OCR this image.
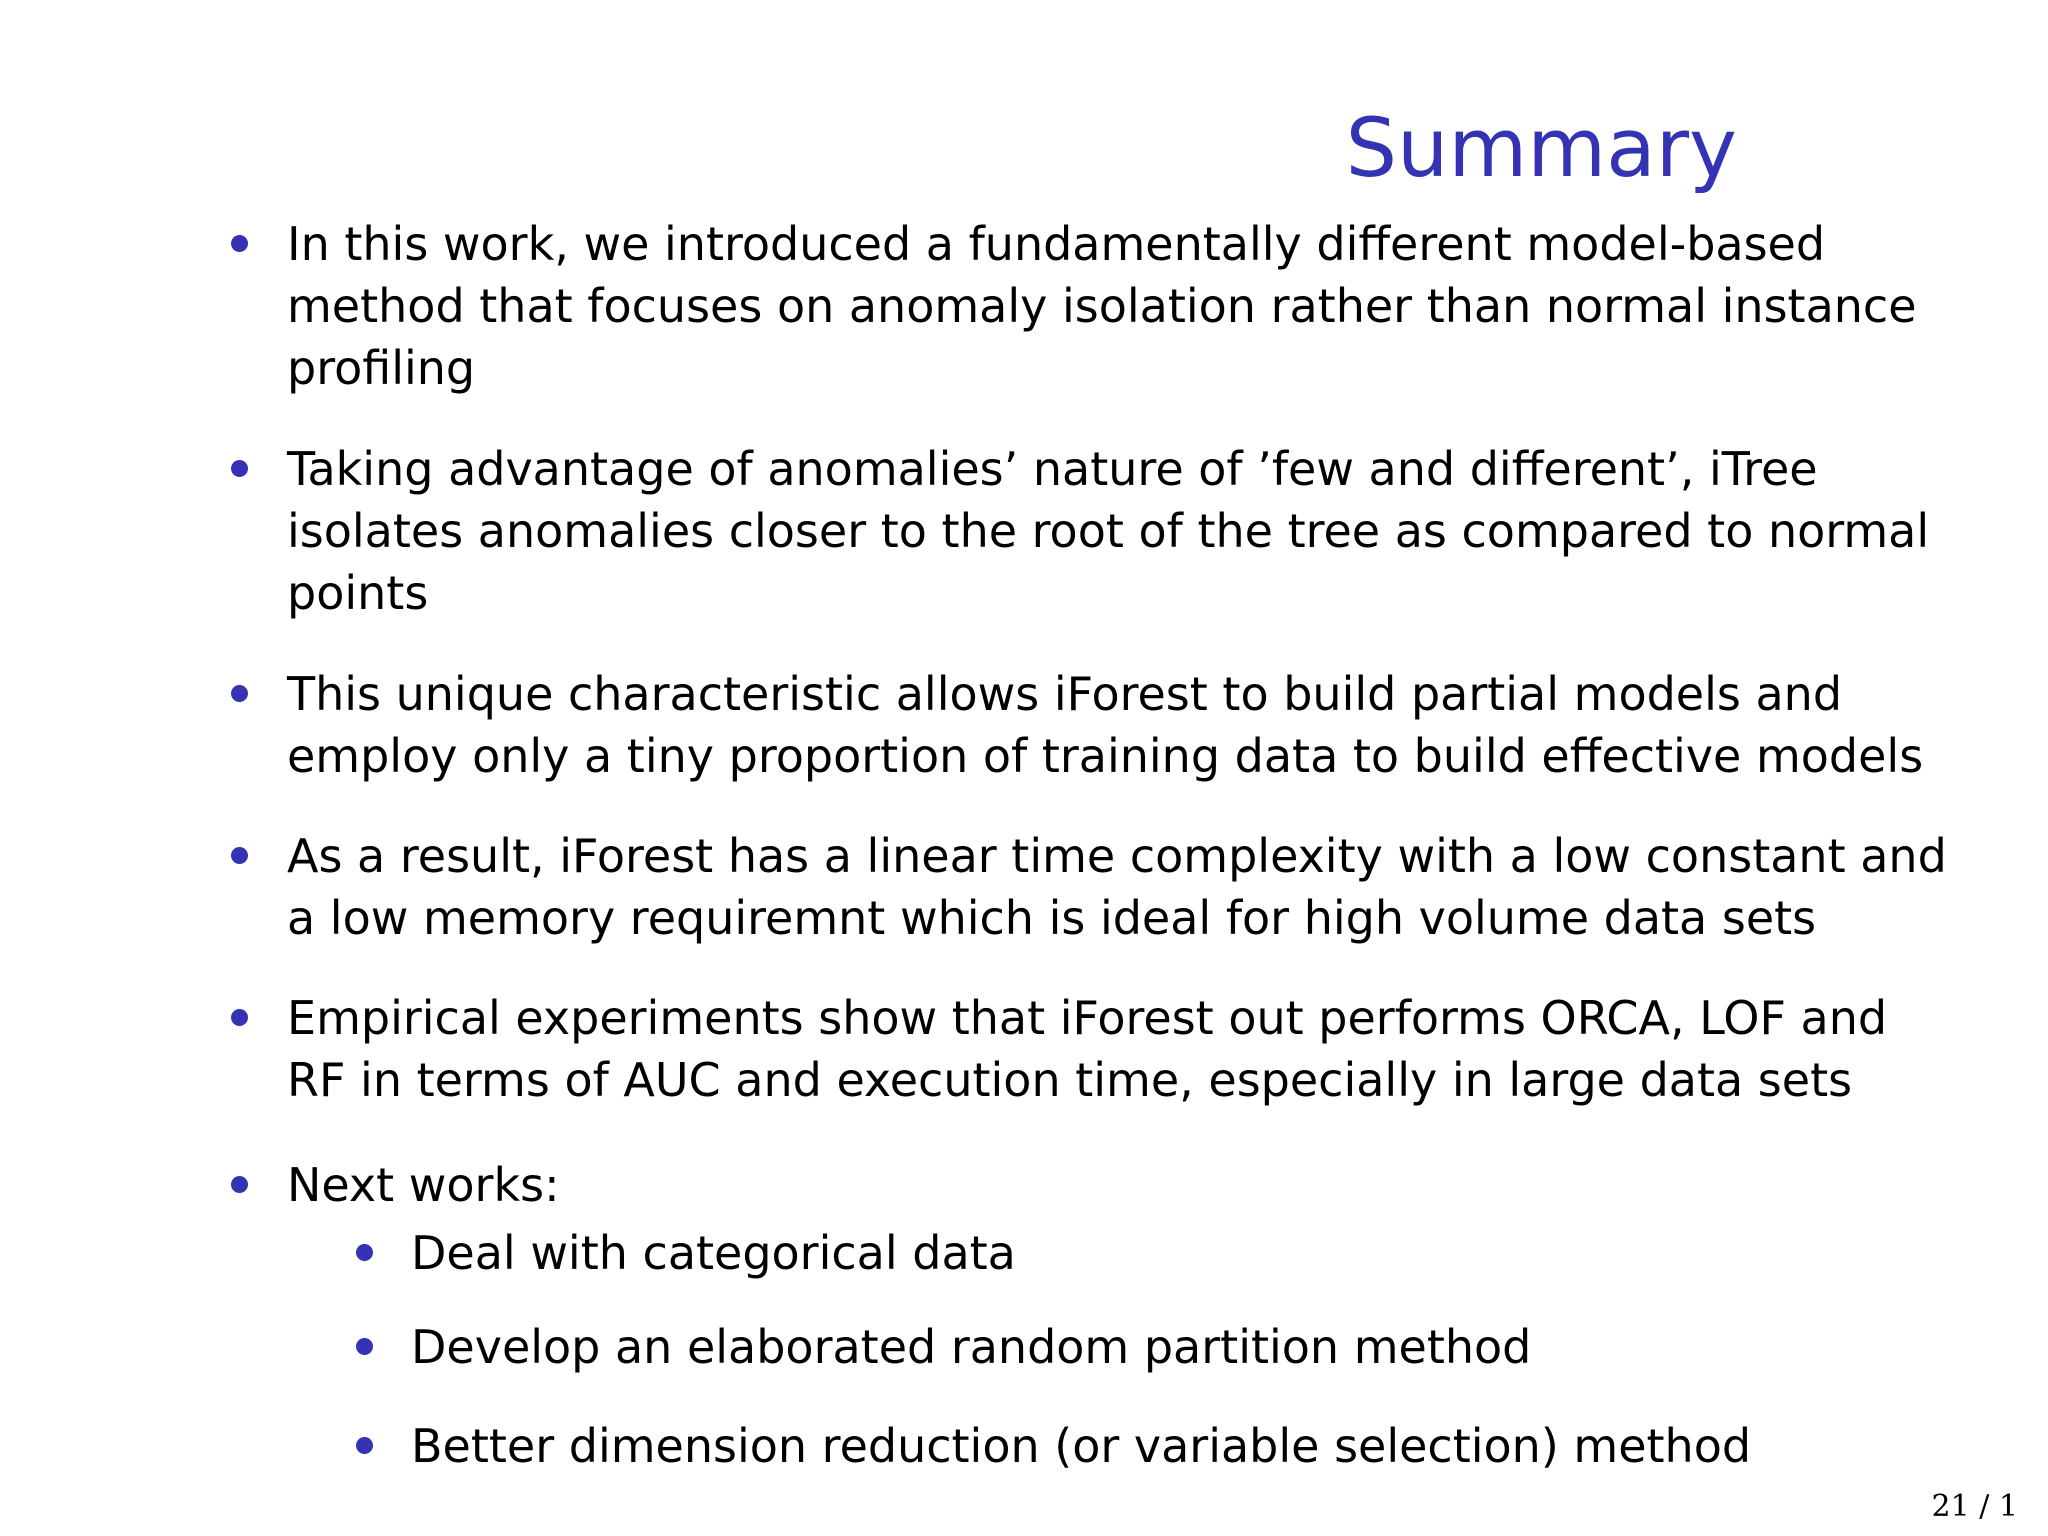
Summary
In this work, we introduced a fundamentally different model-based
method that focuses on anomaly isolation rather than normal instance
profiling
Taking advantage of anomalies’ nature of ’few and different’, iTree
isolates anomalies closer to the root of the tree as compared to normal
points
This unique characteristic allows iForest to build partial models and
employ only a tiny proportion of training data to build effective models
As a result, iForest has a linear time complexity with a low constant and
a low memory requiremnt which is ideal for high volume data sets
Empirical experiments show that iForest out performs ORCA, LOF and
RF in terms of AUC and execution time, especially in large data sets
Next works:
Deal with categorical data
Develop an elaborated random partition method
Better dimension reduction (or variable selection) method
21 / 1
